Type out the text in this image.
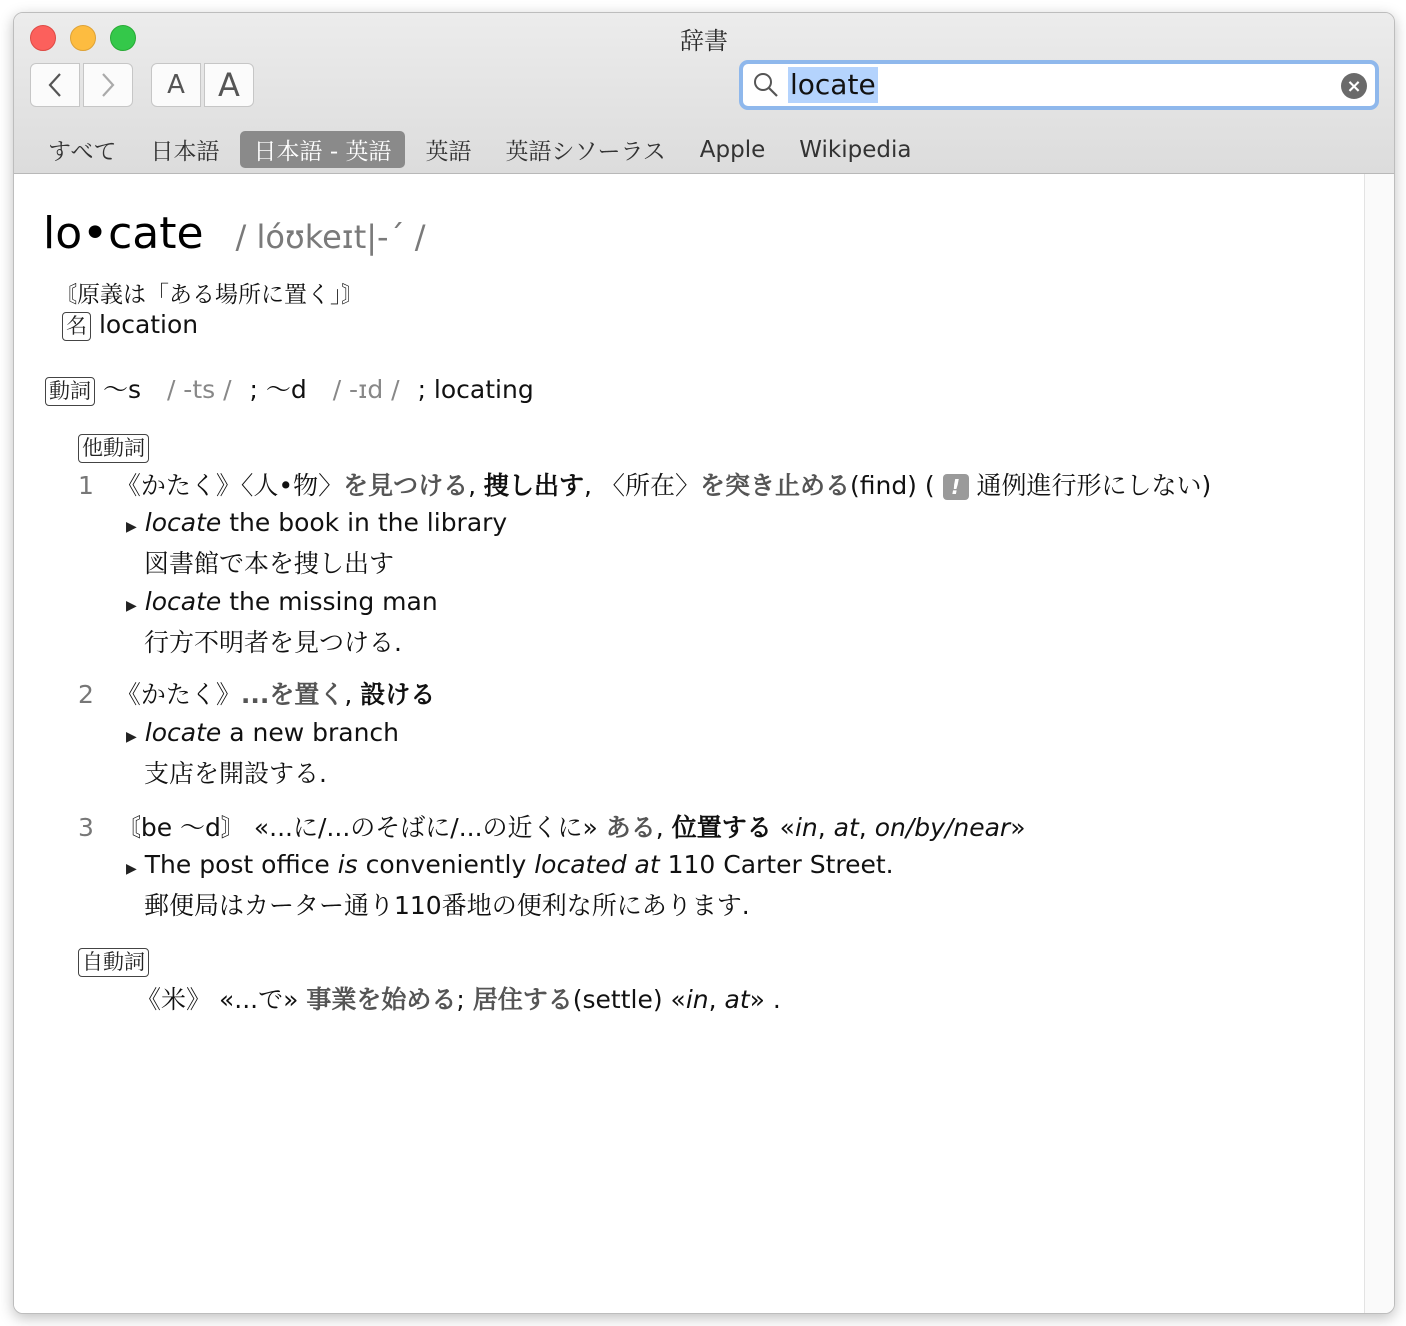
辞書
A	A	locate	×
すべて	日本語	日本語 - 英語	英語	英語シソーラス	Apple	Wikipedia
lo•cate / lóʊkeɪt|-ˊ /
〘原義は「ある場所に置く」〙
名 location
動詞 〜s / -ts / ; 〜d / -ɪd / ; locating
他動詞
1 《かたく》〈人•物〉を見つける, 捜し出す, 〈所在〉を突き止める(find) ( ! 通例進行形にしない)
▶ locate the book in the library
図書館で本を捜し出す
▶ locate the missing man
行方不明者を見つける.
2 《かたく》...を置く, 設ける
▶ locate a new branch
支店を開設する.
3 〘be 〜d〙 «...に/...のそばに/...の近くに» ある, 位置する «in, at, on/by/near»
▶ The post office is conveniently located at 110 Carter Street.
郵便局はカーター通り110番地の便利な所にあります.
自動詞
《米》 «...で» 事業を始める; 居住する(settle) «in, at» .
